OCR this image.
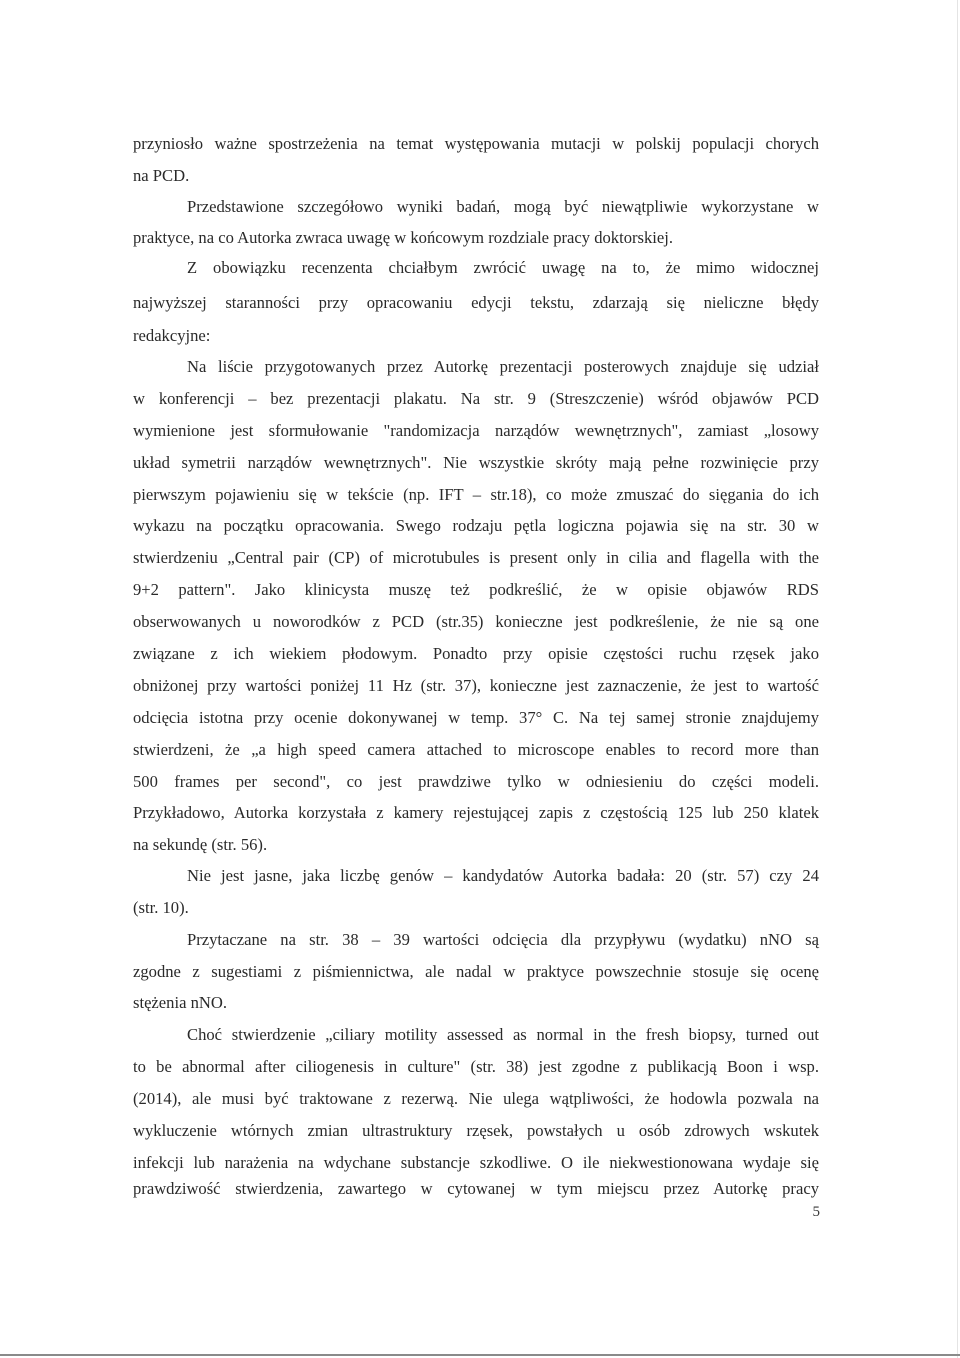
przyniosło ważne spostrzeżenia na temat występowania mutacji w polskij populacji chorych
na PCD.
Przedstawione szczegółowo wyniki badań, mogą być niewątpliwie wykorzystane w
praktyce, na co Autorka zwraca uwagę w końcowym rozdziale pracy doktorskiej.
Z obowiązku recenzenta chciałbym zwrócić uwagę na to, że mimo widocznej
najwyższej staranności przy opracowaniu edycji tekstu, zdarzają się nieliczne błędy
redakcyjne:
Na liście przygotowanych przez Autorkę prezentacji posterowych znajduje się udział
w konferencji – bez prezentacji plakatu. Na str. 9 (Streszczenie) wśród objawów PCD
wymienione jest sformułowanie "randomizacja narządów wewnętrznych", zamiast „losowy
układ symetrii narządów wewnętrznych". Nie wszystkie skróty mają pełne rozwinięcie przy
pierwszym pojawieniu się w tekście (np. IFT – str.18), co może zmuszać do sięgania do ich
wykazu na początku opracowania. Swego rodzaju pętla logiczna pojawia się na str. 30 w
stwierdzeniu „Central pair (CP) of microtubules is present only in cilia and flagella with the
9+2 pattern". Jako klinicysta muszę też podkreślić, że w opisie objawów RDS
obserwowanych u noworodków z PCD (str.35) konieczne jest podkreślenie, że nie są one
związane z ich wiekiem płodowym. Ponadto przy opisie częstości ruchu rzęsek jako
obniżonej przy wartości poniżej 11 Hz (str. 37), konieczne jest zaznaczenie, że jest to wartość
odcięcia istotna przy ocenie dokonywanej w temp. 37° C. Na tej samej stronie znajdujemy
stwierdzeni, że „a high speed camera attached to microscope enables to record more than
500 frames per second", co jest prawdziwe tylko w odniesieniu do części modeli.
Przykładowo, Autorka korzystała z kamery rejestującej zapis z częstością 125 lub 250 klatek
na sekundę (str. 56).
Nie jest jasne, jaka liczbę genów – kandydatów Autorka badała: 20 (str. 57) czy 24
(str. 10).
Przytaczane na str. 38 – 39 wartości odcięcia dla przypływu (wydatku) nNO są
zgodne z sugestiami z piśmiennictwa, ale nadal w praktyce powszechnie stosuje się ocenę
stężenia nNO.
Choć stwierdzenie „ciliary motility assessed as normal in the fresh biopsy, turned out
to be abnormal after ciliogenesis in culture" (str. 38) jest zgodne z publikacją Boon i wsp.
(2014), ale musi być traktowane z rezerwą. Nie ulega wątpliwości, że hodowla pozwala na
wykluczenie wtórnych zmian ultrastruktury rzęsek, powstałych u osób zdrowych wskutek
infekcji lub narażenia na wdychane substancje szkodliwe. O ile niekwestionowana wydaje się
prawdziwość stwierdzenia, zawartego w cytowanej w tym miejscu przez Autorkę pracy
5
